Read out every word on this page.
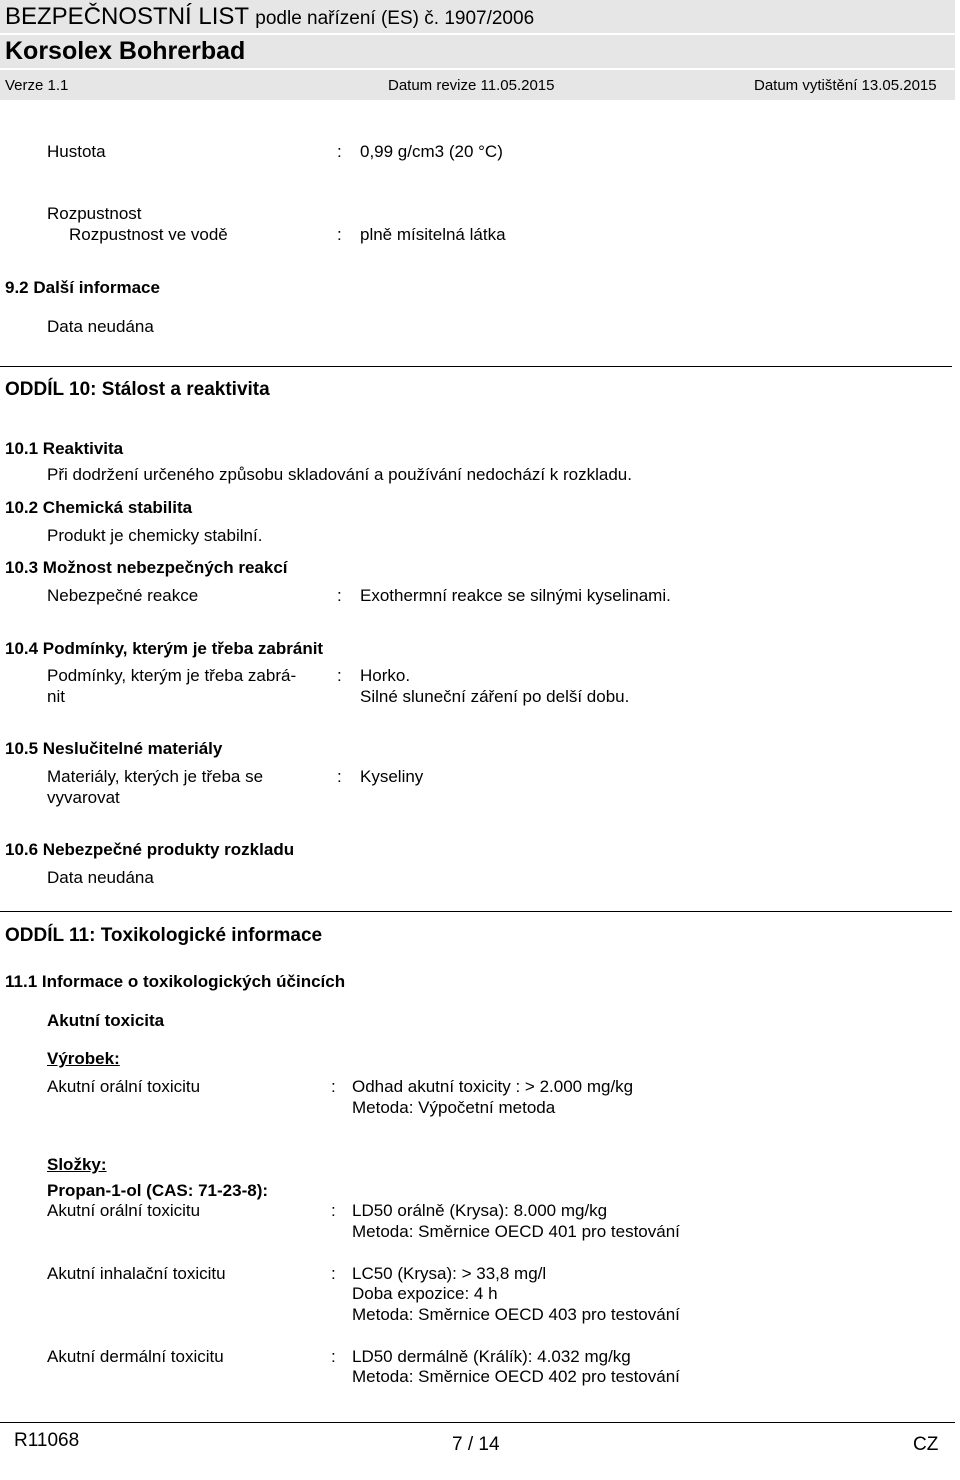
BEZPEČNOSTNÍ LIST podle nařízení (ES) č. 1907/2006
Korsolex Bohrerbad
Verze 1.1	Datum revize 11.05.2015	Datum vytištění 13.05.2015
Hustota	: 0,99 g/cm3 (20 °C)
Rozpustnost
Rozpustnost ve vodě	: plně mísitelná látka
9.2 Další informace
Data neudána
ODDÍL 10: Stálost a reaktivita
10.1 Reaktivita
Při dodržení určeného způsobu skladování a používání nedochází k rozkladu.
10.2 Chemická stabilita
Produkt je chemicky stabilní.
10.3 Možnost nebezpečných reakcí
Nebezpečné reakce	: Exothermní reakce se silnými kyselinami.
10.4 Podmínky, kterým je třeba zabránit
Podmínky, kterým je třeba zabrá-
nit
: Horko.
Silné sluneční záření po delší dobu.
10.5 Neslučitelné materiály
Materiály, kterých je třeba se
vyvarovat
: Kyseliny
10.6 Nebezpečné produkty rozkladu
Data neudána
ODDÍL 11: Toxikologické informace
11.1 Informace o toxikologických účincích
Akutní toxicita
Výrobek:
Akutní orální toxicitu	: Odhad akutní toxicity : > 2.000 mg/kg
Metoda: Výpočetní metoda
Složky:
Propan-1-ol (CAS: 71-23-8):
Akutní orální toxicitu	: LD50 orálně (Krysa): 8.000 mg/kg
Metoda: Směrnice OECD 401 pro testování
Akutní inhalační toxicitu	: LC50 (Krysa): > 33,8 mg/l
Doba expozice: 4 h
Metoda: Směrnice OECD 403 pro testování
Akutní dermální toxicitu	: LD50 dermálně (Králík): 4.032 mg/kg
Metoda: Směrnice OECD 402 pro testování
R11068	7 / 14	CZ
